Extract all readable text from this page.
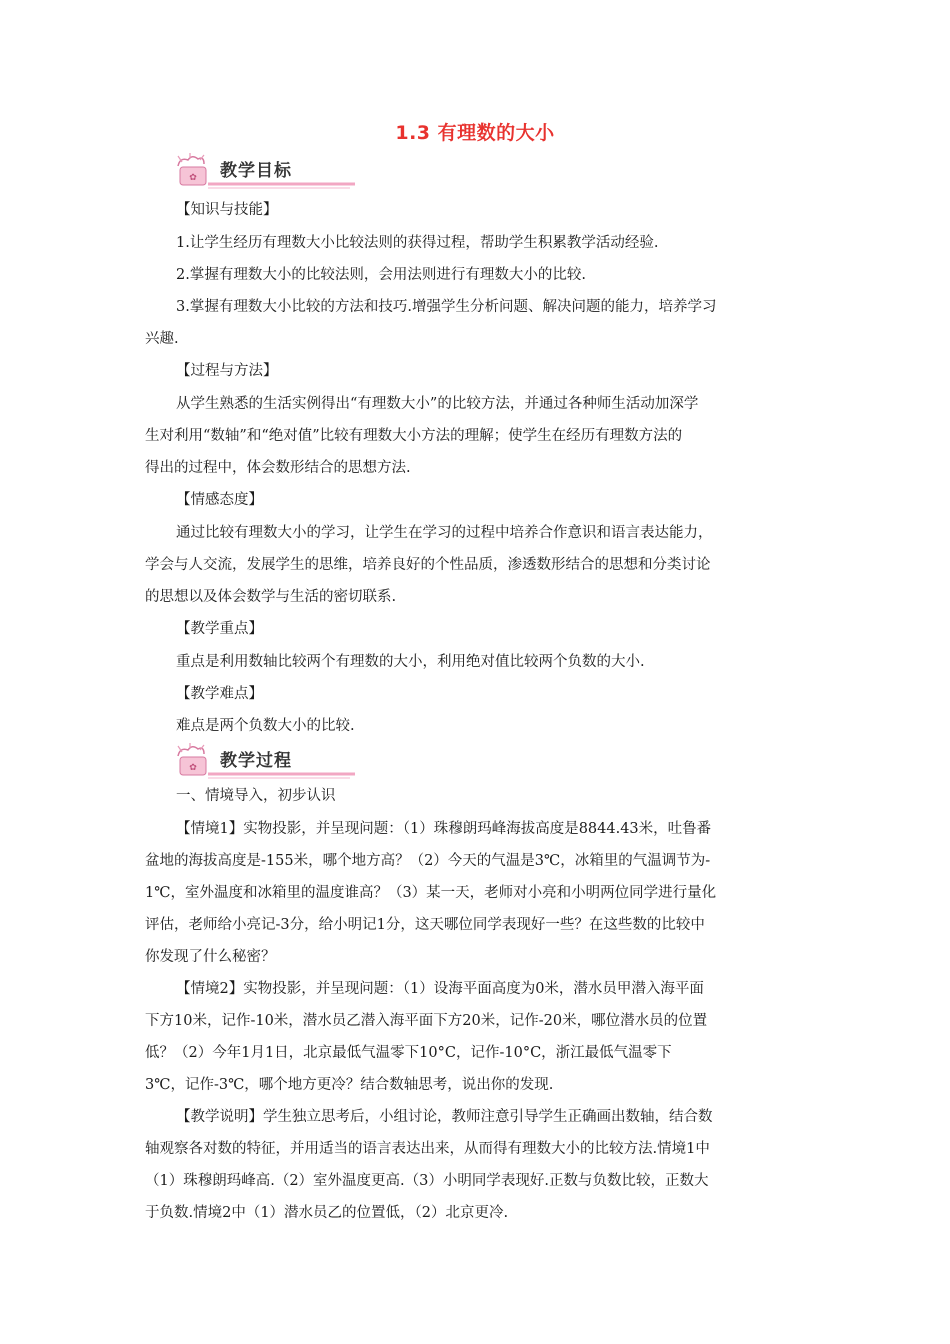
1.3 有理数的大小
✿ 教学目标
【知识与技能】
1.让学生经历有理数大小比较法则的获得过程，帮助学生积累教学活动经验.
2.掌握有理数大小的比较法则，会用法则进行有理数大小的比较.
3.掌握有理数大小比较的方法和技巧.增强学生分析问题、解决问题的能力，培养学习
兴趣.
【过程与方法】
从学生熟悉的生活实例得出“有理数大小”的比较方法，并通过各种师生活动加深学
生对利用“数轴”和“绝对值”比较有理数大小方法的理解；使学生在经历有理数方法的
得出的过程中，体会数形结合的思想方法.
【情感态度】
通过比较有理数大小的学习，让学生在学习的过程中培养合作意识和语言表达能力，
学会与人交流，发展学生的思维，培养良好的个性品质，渗透数形结合的思想和分类讨论
的思想以及体会数学与生活的密切联系.
【教学重点】
重点是利用数轴比较两个有理数的大小，利用绝对值比较两个负数的大小.
【教学难点】
难点是两个负数大小的比较.
✿ 教学过程
一、情境导入，初步认识
【情境1】实物投影，并呈现问题：（1）珠穆朗玛峰海拔高度是8844.43米，吐鲁番
盆地的海拔高度是-155米，哪个地方高？（2）今天的气温是3℃，冰箱里的气温调节为-
1℃，室外温度和冰箱里的温度谁高？（3）某一天，老师对小亮和小明两位同学进行量化
评估，老师给小亮记-3分，给小明记1分，这天哪位同学表现好一些？在这些数的比较中
你发现了什么秘密？
【情境2】实物投影，并呈现问题：（1）设海平面高度为0米，潜水员甲潜入海平面
下方10米，记作-10米，潜水员乙潜入海平面下方20米，记作-20米，哪位潜水员的位置
低？（2）今年1月1日，北京最低气温零下10°C，记作-10°C，浙江最低气温零下
3℃，记作-3℃，哪个地方更冷？结合数轴思考，说出你的发现.
【教学说明】学生独立思考后，小组讨论，教师注意引导学生正确画出数轴，结合数
轴观察各对数的特征，并用适当的语言表达出来，从而得有理数大小的比较方法.情境1中
（1）珠穆朗玛峰高.（2）室外温度更高.（3）小明同学表现好.正数与负数比较，正数大
于负数.情境2中（1）潜水员乙的位置低，（2）北京更冷.
